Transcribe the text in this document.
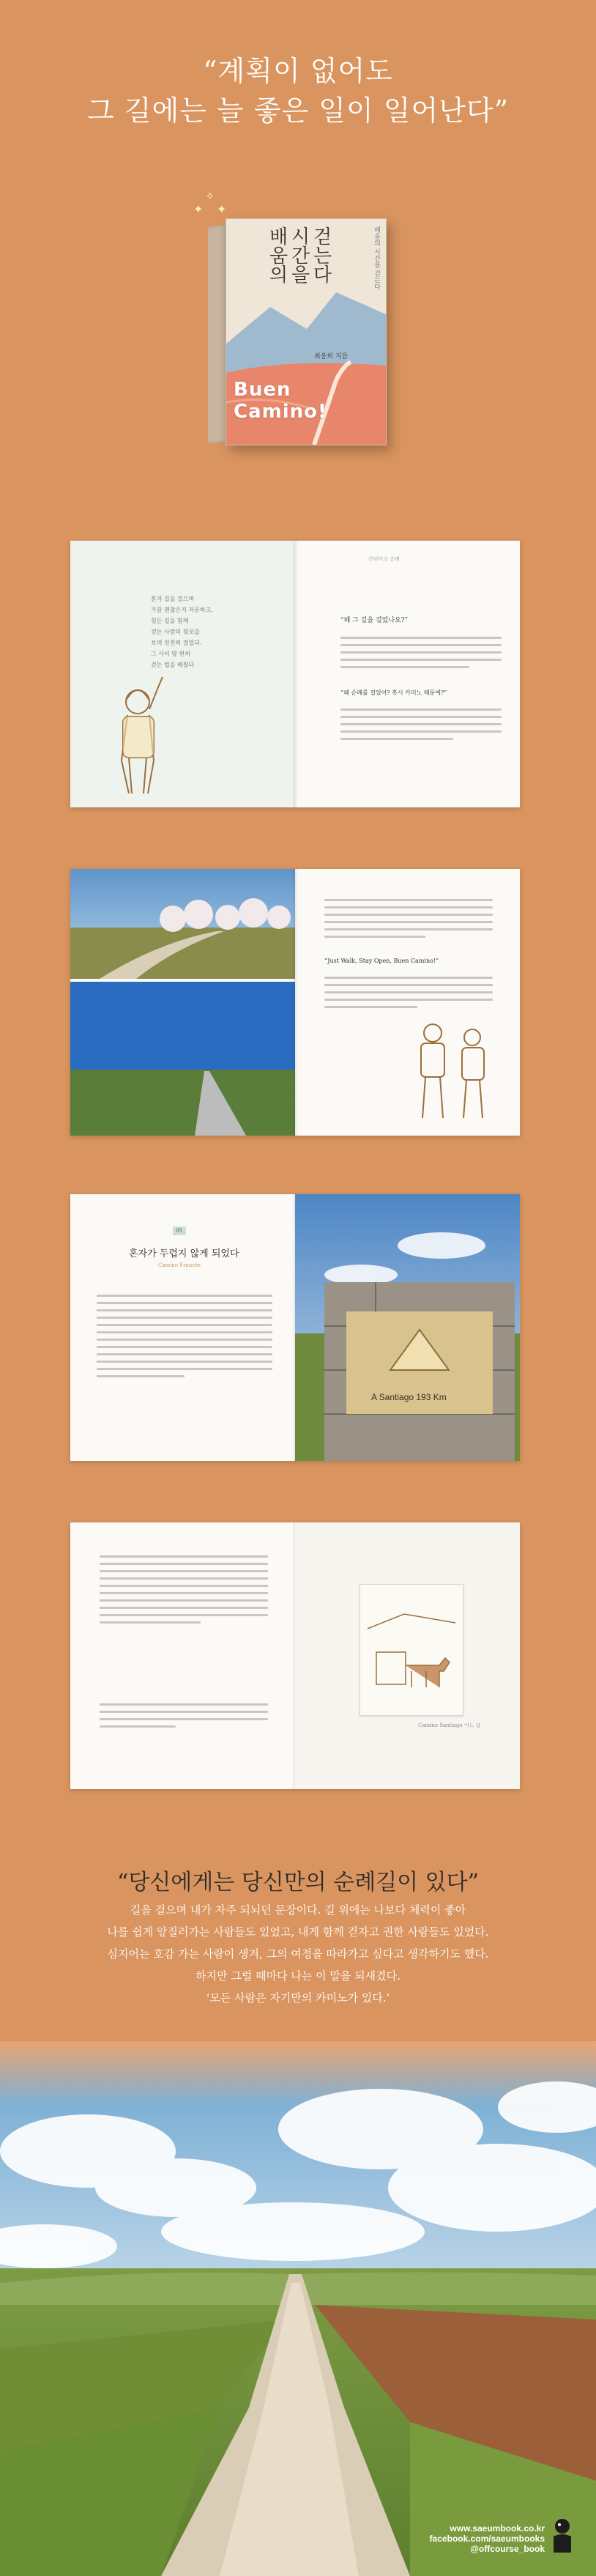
“계획이 없어도
그 길에는 늘 좋은 일이 일어난다”
✦
✧
✦
배움의 시간을 걷는다	배움의 시간을 걷는다
최윤희 지음
Buen Camino!
혼자 길을 걸으며
가끔 괜찮은지 자문하고,
힘든 길을 함께
걷는 사람의 뒷모습
보며 천천히 걸었다.
그 사이 맘 편히
걷는 법을 배웠다
산티아고 순례
“왜 그 길을 걸었나요?”
“왜 순례를 걸었어? 혹시 카미노 때문에?”
“Just Walk, Stay Open, Buen Camino!”
05
혼자가 두렵지 않게 되었다
Camino Francés
A Santiago 193 Km
Camino Santiago 어느 날
“당신에게는 당신만의 순례길이 있다”
길을 걸으며 내가 자주 되뇌던 문장이다. 길 위에는 나보다 체력이 좋아
나를 쉽게 앞질러가는 사람들도 있었고, 내게 함께 걷자고 권한 사람들도 있었다.
심지어는 호감 가는 사람이 생겨, 그의 여정을 따라가고 싶다고 생각하기도 했다.
하지만 그럴 때마다 나는 이 말을 되새겼다.
‘모든 사람은 자기만의 카미노가 있다.’
www.saeumbook.co.kr
facebook.com/saeumbooks
@offcourse_book
